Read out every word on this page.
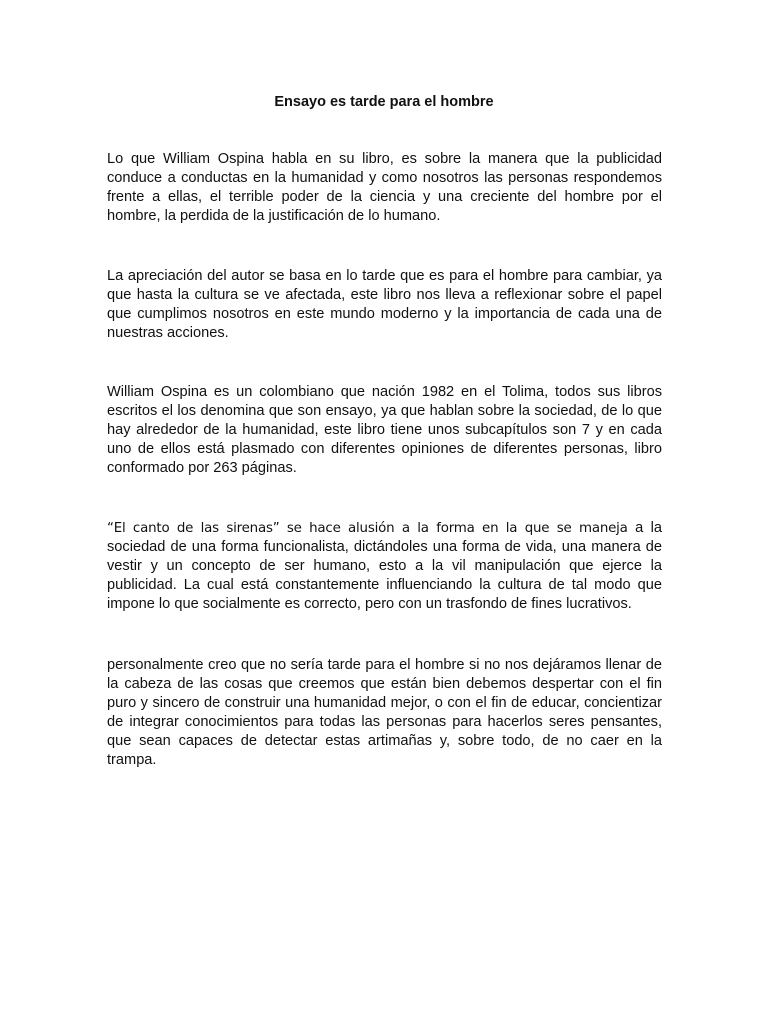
Ensayo es tarde para el hombre

Lo que William Ospina habla en su libro, es sobre la manera que la publicidad conduce a conductas en la humanidad y como nosotros las personas respondemos frente a ellas, el terrible poder de la ciencia y una creciente del hombre por el hombre, la perdida de la justificación de lo humano.

La apreciación del autor se basa en lo tarde que es para el hombre para cambiar, ya que hasta la cultura se ve afectada, este libro nos lleva a reflexionar sobre el papel que cumplimos nosotros en este mundo moderno y la importancia de cada una de nuestras acciones.

William Ospina es un colombiano que nación 1982 en el Tolima, todos sus libros escritos el los denomina que son ensayo, ya que hablan sobre la sociedad, de lo que hay alrededor de la humanidad, este libro tiene unos subcapítulos son 7 y en cada uno de ellos está plasmado con diferentes opiniones de diferentes personas, libro conformado por 263 páginas.

“El canto de las sirenas” se hace alusión a la forma en la que se maneja a la sociedad de una forma funcionalista, dictándoles una forma de vida, una manera de vestir y un concepto de ser humano, esto a la vil manipulación que ejerce la publicidad. La cual está constantemente influenciando la cultura de tal modo que impone lo que socialmente es correcto, pero con un trasfondo de fines lucrativos.

personalmente creo que no sería tarde para el hombre si no nos dejáramos llenar de la cabeza de las cosas que creemos que están bien debemos despertar con el fin puro y sincero de construir una humanidad mejor, o con el fin de educar, concientizar de integrar conocimientos para todas las personas para hacerlos seres pensantes, que sean capaces de detectar estas artimañas y, sobre todo, de no caer en la trampa.
